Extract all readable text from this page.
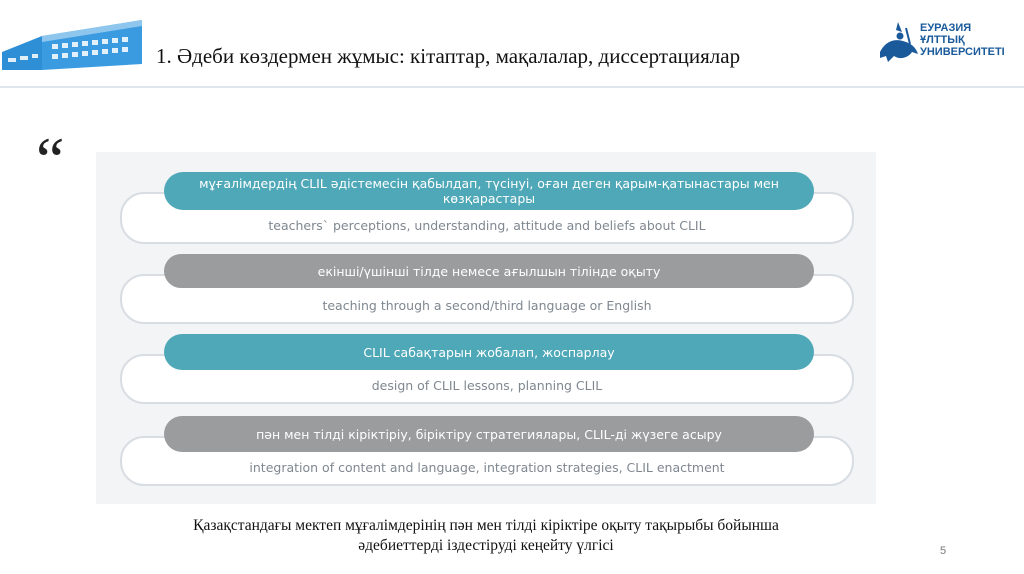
1. Әдеби көздермен жұмыс: кітаптар, мақалалар, диссертациялар
ЕУРАЗИЯ
ҰЛТТЫҚ
УНИВЕРСИТЕТІ
“	мұғалімдердің CLIL әдістемесін қабылдап, түсінуі, оған деген қарым-қатынастары мен көзқарастары
teachers` perceptions, understanding, attitude and beliefs about CLIL
екінші/үшінші тілде немесе ағылшын тілінде оқыту
teaching through a second/third language or English
CLIL сабақтарын жобалап, жоспарлау
design of CLIL lessons, planning CLIL
пән мен тілді кіріктіріу, біріктіру стратегиялары, CLIL-ді жүзеге асыру
integration of content and language, integration strategies, CLIL enactment
Қазақстандағы мектеп мұғалімдерінің пән мен тілді кіріктіре оқыту тақырыбы бойынша
әдебиеттерді іздестіруді кеңейту үлгісі	5
